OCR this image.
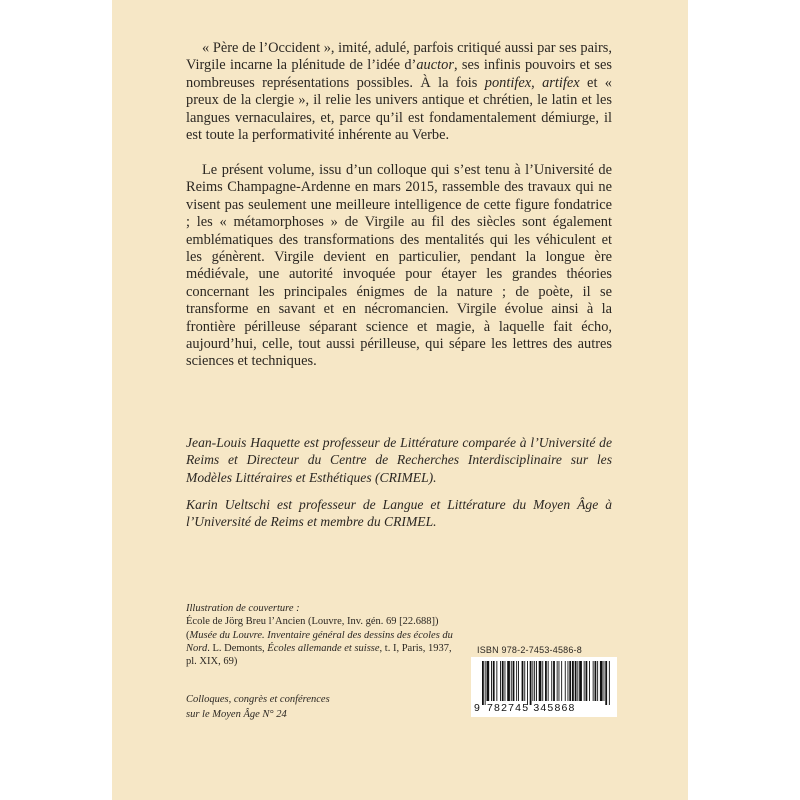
« Père de l’Occident », imité, adulé, parfois critiqué aussi par ses pairs, Virgile incarne la plénitude de l’idée d’auctor, ses infinis pouvoirs et ses nombreuses représentations possibles. À la fois pontifex, artifex et « preux de la clergie », il relie les univers antique et chrétien, le latin et les langues vernaculaires, et, parce qu’il est fondamentalement démiurge, il est toute la performativité inhérente au Verbe.

Le présent volume, issu d’un colloque qui s’est tenu à l’Université de Reims Champagne-Ardenne en mars 2015, rassemble des travaux qui ne visent pas seulement une meilleure intelligence de cette figure fondatrice ; les « métamorphoses » de Virgile au fil des siècles sont également emblématiques des transformations des mentalités qui les véhiculent et les génèrent. Virgile devient en particulier, pendant la longue ère médiévale, une autorité invoquée pour étayer les grandes théories concernant les principales énigmes de la nature ; de poète, il se transforme en savant et en nécromancien. Virgile évolue ainsi à la frontière périlleuse séparant science et magie, à laquelle fait écho, aujourd’hui, celle, tout aussi périlleuse, qui sépare les lettres des autres sciences et techniques.

Jean-Louis Haquette est professeur de Littérature comparée à l’Université de Reims et Directeur du Centre de Recherches Interdisciplinaire sur les Modèles Littéraires et Esthétiques (CRIMEL).

Karin Ueltschi est professeur de Langue et Littérature du Moyen Âge à l’Université de Reims et membre du CRIMEL.

Illustration de couverture :
École de Jörg Breu l’Ancien (Louvre, Inv. gén. 69 [22.688])
(Musée du Louvre. Inventaire général des dessins des écoles du
Nord. L. Demonts, Écoles allemande et suisse, t. I, Paris, 1937,
pl. XIX, 69)
Colloques, congrès et conférences
sur le Moyen Âge N° 24
ISBN 978-2-7453-4586-8
9 782745 345868
